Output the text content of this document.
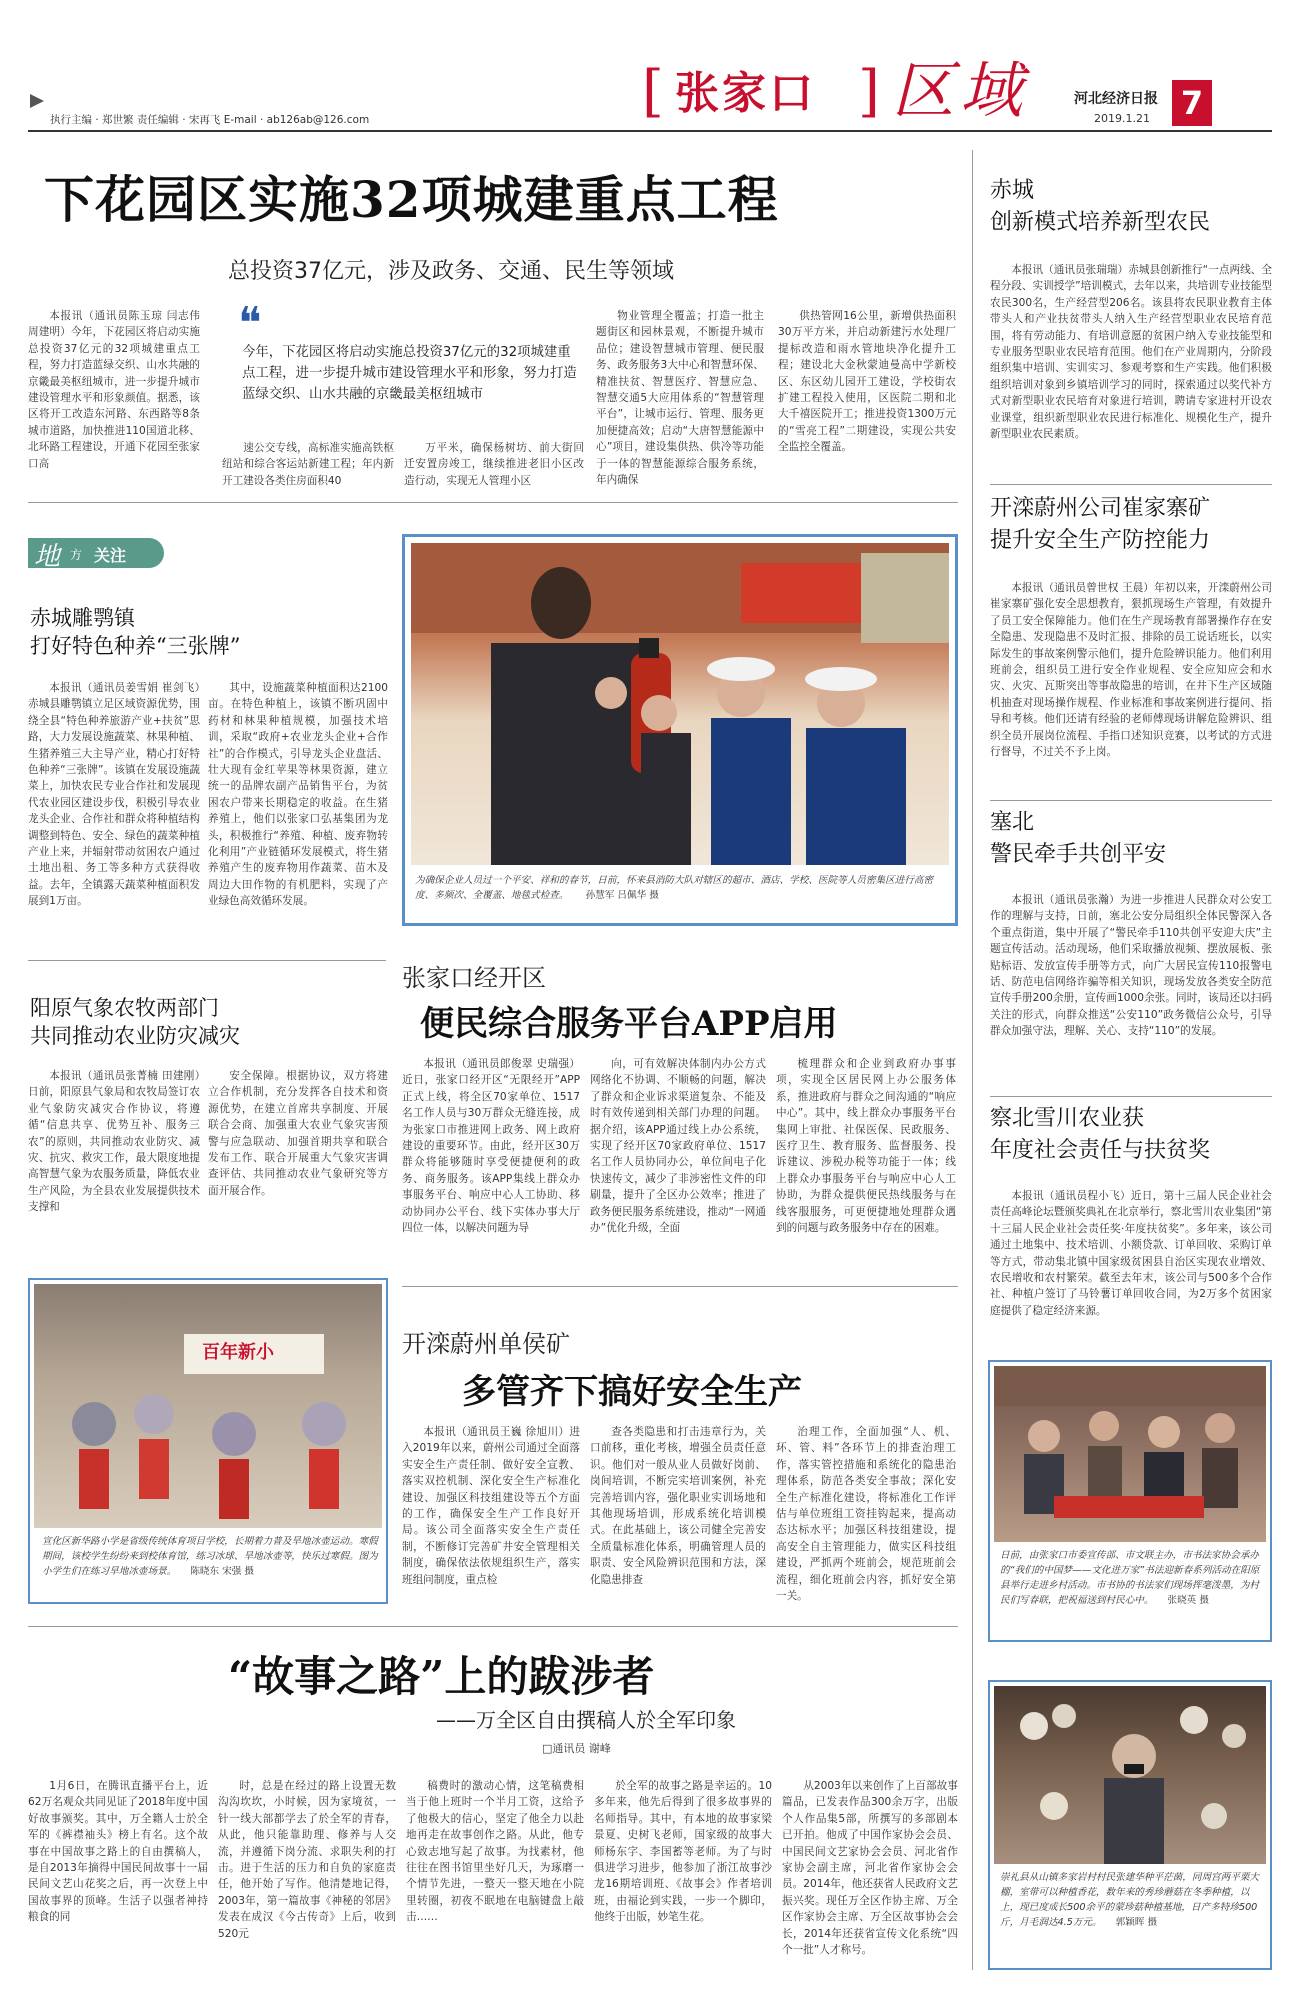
执行主编 · 郑世繁 责任编辑 · 宋再飞 E-mail · ab126ab@126.com	[ 张家口 ] 区域	河北经济日报
2019.1.21 7
下花园区实施32项城建重点工程
总投资37亿元，涉及政务、交通、民生等领域

本报讯（通讯员陈玉琼 闫志伟 周建明）今年，下花园区将启动实施总投资37亿元的32项城建重点工程，努力打造蓝绿交织、山水共融的京畿最美枢纽城市，进一步提升城市建设管理水平和形象颜值。据悉，该区将开工改造东河路、东西路等8条城市道路，加快推进110国道北移、北环路工程建设，开通下花园至张家口高

❝
今年，下花园区将启动实施总投资37亿元的32项城建重点工程，进一步提升城市建设管理水平和形象，努力打造蓝绿交织、山水共融的京畿最美枢纽城市

速公交专线，高标准实施高铁枢纽站和综合客运站新建工程；年内新开工建设各类住房面积40

万平米，确保杨树坊、前大街回迁安置房竣工，继续推进老旧小区改造行动，实现无人管理小区

物业管理全覆盖；打造一批主题街区和园林景观，不断提升城市品位；建设智慧城市管理、便民服务、政务服务3大中心和智慧环保、精准扶贫、智慧医疗、智慧应急、智慧交通5大应用体系的“智慧管理平台”，让城市运行、管理、服务更加便捷高效；启动“大唐智慧能源中心”项目，建设集供热、供冷等功能于一体的智慧能源综合服务系统，年内确保

供热管网16公里，新增供热面积30万平方米，并启动新建污水处理厂提标改造和雨水管地块净化提升工程；建设北大金秋蒙迪曼高中学新校区、东区幼儿园开工建设，学校街农扩建工程投入使用，区医院二期和北大千禧医院开工；推进投资1300万元的“雪亮工程”二期建设，实现公共安全监控全覆盖。

地 方 关注
赤城雕鹗镇
打好特色种养“三张牌”

本报讯（通讯员姜雪娟 崔剑飞）赤城县雕鹗镇立足区域资源优势，围绕全县“特色种养旅游产业+扶贫”思路，大力发展设施蔬菜、林果种植、生猪养殖三大主导产业，精心打好特色种养“三张牌”。该镇在发展设施蔬菜上，加快农民专业合作社和发展现代农业园区建设步伐，积极引导农业龙头企业、合作社和群众将种植结构调整到特色、安全、绿色的蔬菜种植产业上来，并辐射带动贫困农户通过土地出租、务工等多种方式获得收益。去年，全镇露天蔬菜种植面积发展到1万亩。

其中，设施蔬菜种植面积达2100亩。在特色种植上，该镇不断巩固中药材和林果种植规模，加强技术培训，采取“政府+农业龙头企业+合作社”的合作模式，引导龙头企业盘活、壮大现有金红苹果等林果资源，建立统一的品牌农副产品销售平台，为贫困农户带来长期稳定的收益。在生猪养殖上，他们以张家口弘基集团为龙头，积极推行“养殖、种植、废弃物转化利用”产业链循环发展模式，将生猪养殖产生的废弃物用作蔬菜、苗木及周边大田作物的有机肥料，实现了产业绿色高效循环发展。

阳原气象农牧两部门
共同推动农业防灾减灾

本报讯（通讯员张菁楠 田建刚）日前，阳原县气象局和农牧局签订农业气象防灾减灾合作协议，将遵循“信息共享、优势互补、服务三农”的原则，共同推动农业防灾、减灾、抗灾、救灾工作，最大限度地提高智慧气象为农服务质量，降低农业生产风险，为全县农业发展提供技术支撑和

安全保障。根据协议，双方将建立合作机制，充分发挥各自技术和资源优势，在建立首席共享制度、开展联合会商、加强重大农业气象灾害预警与应急联动、加强首期共享和联合发布工作、联合开展重大气象灾害调查评估、共同推动农业气象研究等方面开展合作。

为确保企业人员过一个平安、祥和的春节，日前，怀来县消防大队对辖区的超市、酒店、学校、医院等人员密集区进行高密度、多频次、全覆盖、地毯式检查。 孙慧军 吕佩华 摄
张家口经开区
便民综合服务平台APP启用

本报讯（通讯员郎俊翠 史瑞强）近日，张家口经开区“无限经开”APP正式上线，将全区70家单位、1517名工作人员与30万群众无缝连接，成为张家口市推进网上政务、网上政府建设的重要环节。由此，经开区30万群众将能够随时享受便捷便利的政务、商务服务。该APP集线上群众办事服务平台、响应中心人工协助、移动协同办公平台、线下实体办事大厅四位一体，以解决问题为导

向，可有效解决体制内办公方式网络化不协调、不顺畅的问题，解决了群众和企业诉求渠道复杂、不能及时有效传递到相关部门办理的问题。据介绍，该APP通过线上办公系统，实现了经开区70家政府单位、1517名工作人员协同办公，单位间电子化快速传文，减少了非涉密性文件的印刷量，提升了全区办公效率；推进了政务便民服务系统建设，推动“一网通办”优化升级，全面

梳理群众和企业到政府办事事项，实现全区居民网上办公服务体系，推进政府与群众之间沟通的“响应中心”。其中，线上群众办事服务平台集网上审批、社保医保、民政服务、医疗卫生、教育服务、监督服务、投诉建议、涉税办税等功能于一体；线上群众办事服务平台与响应中心人工协助，为群众提供便民热线服务与在线客服服务，可更便捷地处理群众遇到的问题与政务服务中存在的困难。

百年新小
宣化区新华路小学是省级传统体育项目学校，长期着力普及旱地冰壶运动。寒假期间，该校学生纷纷来到校体育馆，练习冰球、旱地冰壶等，快乐过寒假。图为小学生们在练习旱地冰壶场景。 陈晓东 宋强 摄
开滦蔚州单侯矿
多管齐下搞好安全生产

本报讯（通讯员王巍 徐旭川）进入2019年以来，蔚州公司通过全面落实安全生产责任制、做好安全宣教、落实双控机制、深化安全生产标准化建设、加强区科技组建设等五个方面的工作，确保安全生产工作良好开局。该公司全面落实安全生产责任制，不断修订完善矿井安全管理相关制度，确保依法依规组织生产，落实班组问制度，重点检

查各类隐患和打击违章行为，关口前移，重化考核，增强全员责任意识。他们对一般从业人员做好岗前、岗间培训，不断完实培训案例，补充完善培训内容，强化职业实训场地和其他现场培训，形成系统化培训模式。在此基础上，该公司健全完善安全质量标准化体系，明确管理人员的职责、安全风险辨识范围和方法，深化隐患排查

治理工作，全面加强“人、机、环、管、料”各环节上的排查治理工作，落实管控措施和系统化的隐患治理体系，防范各类安全事故；深化安全生产标准化建设，将标准化工作评估与单位班组工资挂钩起来，提高动态达标水平；加强区科技组建设，提高安全自主管理能力，做实区科技组建设，严抓两个班前会，规范班前会流程，细化班前会内容，抓好安全第一关。

“故事之路”上的跋涉者
——万全区自由撰稿人於全军印象
□通讯员 谢峰

1月6日，在腾讯直播平台上，近62万名观众共同见证了2018年度中国好故事颁奖。其中，万全籍人士於全军的《裤襟袖头》榜上有名。这个故事在中国故事之路上的自由撰稿人，是自2013年摘得中国民间故事十一届民间文艺山花奖之后，再一次登上中国故事界的顶峰。生活子以强者神持粮食的同

时，总是在经过的路上设置无数沟沟坎坎，小时候，因为家境贫，一针一线大部都学去了於全军的青春，从此，他只能靠助理、修养与人交流，并遵循下岗分流、求职失利的打击。进于生活的压力和自负的家庭责任，他开始了写作。他清楚地记得，2003年，第一篇故事《神秘的邻居》发表在成汉《今古传奇》上后，收到520元

稿费时的激动心情，这笔稿费相当于他上班时一个半月工资，这给予了他极大的信心，坚定了他全力以赴地再走在故事创作之路。从此，他专心致志地写起了故事。为找素材，他往往在图书馆里坐好几天，为琢磨一个情节先进，一整天一整天地在小院里转圈，初夜不眠地在电脑键盘上敲击……

於全军的故事之路是幸运的。10多年来，他先后得到了很多故事界的名师指导。其中，有本地的故事家梁景夏、史树飞老师，国家级的故事大师杨东字、李国蓄等老师。为了与时俱进学习进步，他参加了浙江故事沙龙16期培训班、《故事会》作者培训班，由福论到实践，一步一个脚印，他终于出版，妙笔生花。

从2003年以来创作了上百部故事篇品，已发表作品300余万字，出版个人作品集5部，所撰写的多部剧本已开拍。他成了中国作家协会会员、中国民间文艺家协会会员、河北省作家协会副主席，河北省作家协会会员。2014年，他还获省人民政府文艺振兴奖。现任万全区作协主席、万全区作家协会主席、万全区故事协会会长，2014年还获省宣传文化系统“四个一批”人才称号。

赤城
创新模式培养新型农民

本报讯（通讯员张瑞瑞）赤城县创新推行“一点两线、全程分段、实训授学”培训模式，去年以来，共培训专业技能型农民300名，生产经营型206名。该县将农民职业教育主体带头人和产业扶贫带头人纳入生产经营型职业农民培育范围，将有劳动能力、有培训意愿的贫困户纳入专业技能型和专业服务型职业农民培育范围。他们在产业周期内，分阶段组织集中培训、实训实习、参观考察和生产实践。他们积极组织培训对象到乡镇培训学习的同时，探索通过以奖代补方式对新型职业农民培育对象进行培训，聘请专家进村开设农业课堂，组织新型职业农民进行标准化、规模化生产，提升新型职业农民素质。

开滦蔚州公司崔家寨矿
提升安全生产防控能力

本报讯（通讯员曾世权 王晨）年初以来，开滦蔚州公司崔家寨矿强化安全思想教育，狠抓现场生产管理，有效提升了员工安全保障能力。他们在生产现场教育部署操作存在安全隐患、发现隐患不及时汇报、排除的员工说话班长，以实际发生的事故案例警示他们，提升危险辨识能力。他们利用班前会，组织员工进行安全作业规程、安全应知应会和水灾、火灾、瓦斯突出等事故隐患的培训，在井下生产区域随机抽查对现场操作规程、作业标准和事故案例进行提问、指导和考核。他们还请有经验的老师傅现场讲解危险辨识、组织全员开展岗位流程、手指口述知识竞赛，以考试的方式进行督导，不过关不予上岗。

塞北
警民牵手共创平安

本报讯（通讯员张瀚）为进一步推进人民群众对公安工作的理解与支持，日前，塞北公安分局组织全体民警深入各个重点街道，集中开展了“警民牵手110共创平安迎大庆”主题宣传活动。活动现场，他们采取播放视频、摆放展板、张贴标语、发放宣传手册等方式，向广大居民宣传110报警电话、防范电信网络诈骗等相关知识，现场发放各类安全防范宣传手册200余册，宣传画1000余张。同时，该局还以扫码关注的形式，向群众推送“公安110”政务微信公众号，引导群众加强守法，理解、关心、支持“110”的发展。

察北雪川农业获
年度社会责任与扶贫奖

本报讯（通讯员程小飞）近日，第十三届人民企业社会责任高峰论坛暨颁奖典礼在北京举行，察北雪川农业集团“第十三届人民企业社会责任奖·年度扶贫奖”。多年来，该公司通过土地集中、技术培训、小额贷款、订单回收、采购订单等方式，带动集北镇中国家级贫困县自治区实现农业增效、农民增收和农村繁荣。截至去年末，该公司与500多个合作社、种植户签订了马铃薯订单回收合同，为2万多个贫困家庭提供了稳定经济来源。

日前，由张家口市委宣传部、市文联主办，市书法家协会承办的“我们的中国梦——文化进万家”书法迎新春系列活动在阳原县举行走进乡村活动。市书协的书法家们现场挥毫泼墨，为村民们写春联，把祝福送到村民心中。 张晓英 摄
崇礼县从山镇多家岩村村民张建华种平茫菌，同周宫两平栗大棚，室带可以种植香花，数年来的秀珍蘑菇在冬季种植，以上，现已度成长500余平的蒙珍菇种植基地，日产多特珍500斤，月毛润达4.5万元。 郭颖晖 摄
